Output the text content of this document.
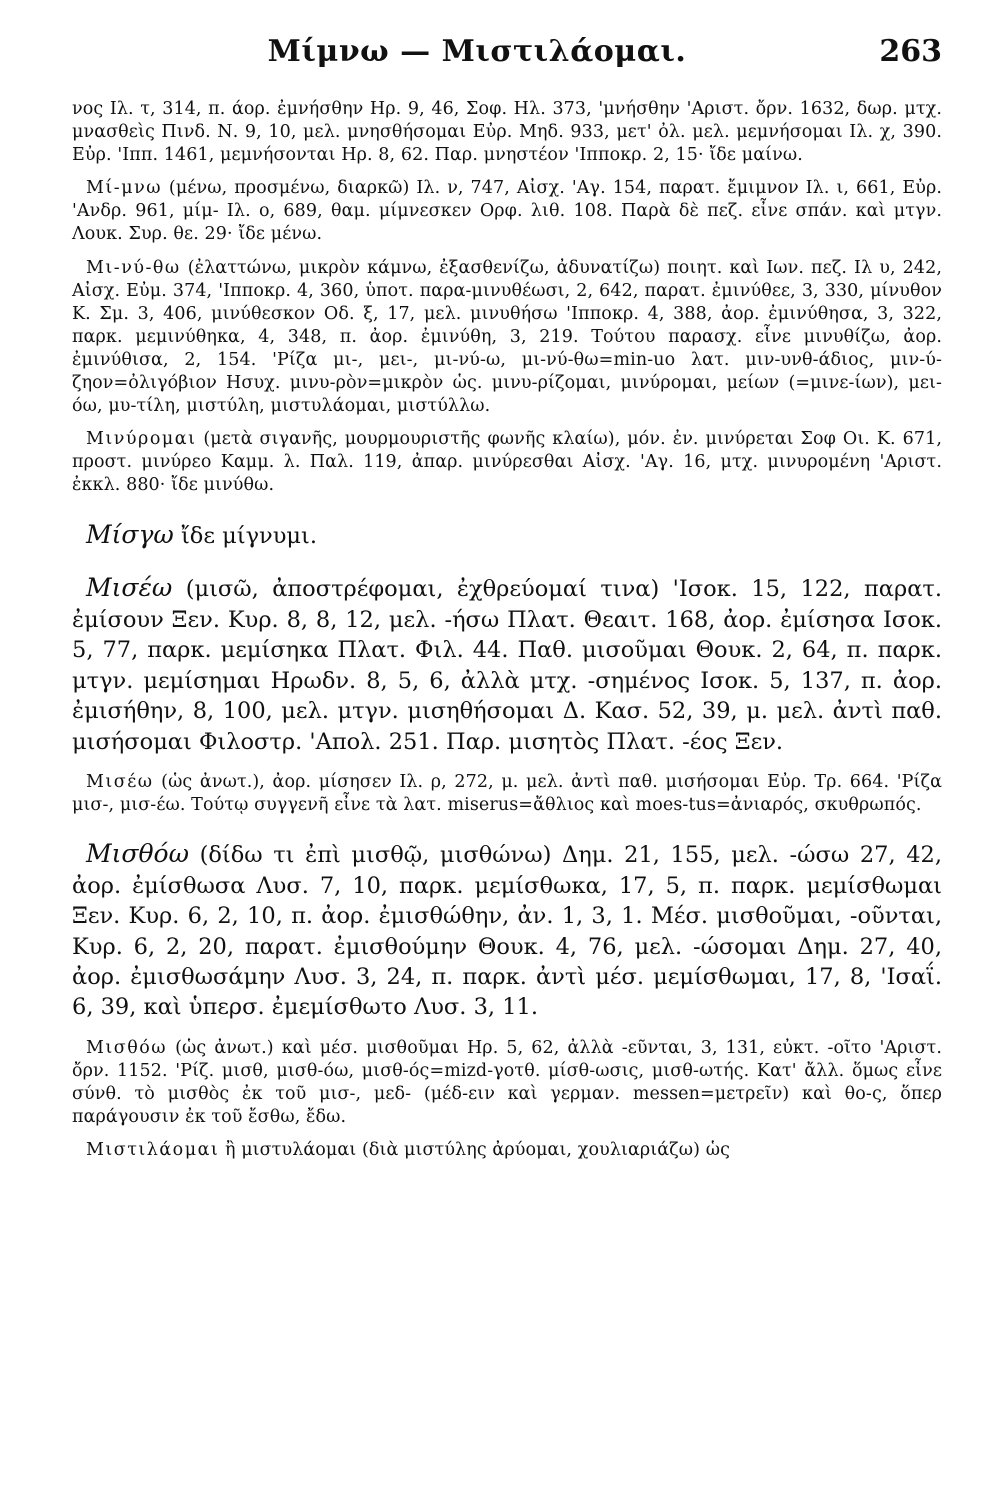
Μίμνω — Μιστιλάομαι.	263

νος Ιλ. τ, 314, π. άορ. ἐμνήσθην Ηρ. 9, 46, Σοφ. Ηλ. 373, 'μνήσθην 'Αριστ. ὄρν. 1632, δωρ. μτχ. μνασθεὶς Πινδ. Ν. 9, 10, μελ. μνησθήσομαι Εὐρ. Μηδ. 933, μετ' ὀλ. μελ. μεμνήσομαι Ιλ. χ, 390. Εὐρ. 'Ιππ. 1461, μεμνήσονται Ηρ. 8, 62. Παρ. μνηστέον 'Ιπποκρ. 2, 15· ἴδε μαίνω.

Μί-μνω (μένω, προσμένω, διαρκῶ) Ιλ. ν, 747, Αἰσχ. 'Αγ. 154, παρατ. ἔμιμνον Ιλ. ι, 661, Εὐρ. 'Ανδρ. 961, μίμ- Ιλ. ο, 689, θαμ. μίμνεσκεν Ορφ. λιθ. 108. Παρὰ δὲ πεζ. εἶνε σπάν. καὶ μτγν. Λουκ. Συρ. θε. 29· ἴδε μένω.

Μι-νύ-θω (ἐλαττώνω, μικρὸν κάμνω, ἐξασθενίζω, ἀδυνατίζω) ποιητ. καὶ Ιων. πεζ. Ιλ υ, 242, Αἰσχ. Εὐμ. 374, 'Ιπποκρ. 4, 360, ὑποτ. παρα-μινυθέωσι, 2, 642, παρατ. ἐμινύθεε, 3, 330, μίνυθον Κ. Σμ. 3, 406, μινύθεσκον Οδ. ξ, 17, μελ. μινυθήσω 'Ιπποκρ. 4, 388, ἀορ. ἐμινύθησα, 3, 322, παρκ. μεμινύθηκα, 4, 348, π. ἀορ. ἐμινύθη, 3, 219. Τούτου παρασχ. εἶνε μινυθίζω, ἀορ. ἐμινύθισα, 2, 154. 'Ρίζα μι-, μει-, μι-νύ-ω, μι-νύ-θω=min-uo λατ. μιν-υνθ-άδιος, μιν-ύ-ζηον=ὀλιγόβιον Ησυχ. μινυ-ρὸν=μικρὸν ὡς. μινυ-ρίζομαι, μινύρομαι, μείων (=μινε-ίων), μει-όω, μυ-τίλη, μιστύλη, μιστυλάομαι, μιστύλλω.

Μινύρομαι (μετὰ σιγανῆς, μουρμουριστῆς φωνῆς κλαίω), μόν. ἐν. μινύρεται Σοφ Οι. Κ. 671, προστ. μινύρεο Καμμ. λ. Παλ. 119, ἀπαρ. μινύρεσθαι Αἰσχ. 'Αγ. 16, μτχ. μινυρομένη 'Αριστ. ἐκκλ. 880· ἴδε μινύθω.

Μίσγω ἴδε μίγνυμι.

Μισέω (μισῶ, ἀποστρέφομαι, ἐχθρεύομαί τινα) 'Ισοκ. 15, 122, παρατ. ἐμίσουν Ξεν. Κυρ. 8, 8, 12, μελ. -ήσω Πλατ. Θεαιτ. 168, ἀορ. ἐμίσησα Ισοκ. 5, 77, παρκ. μεμίσηκα Πλατ. Φιλ. 44. Παθ. μισοῦμαι Θουκ. 2, 64, π. παρκ. μτγν. μεμίσημαι Ηρωδν. 8, 5, 6, ἀλλὰ μτχ. -σημένος Ισοκ. 5, 137, π. ἀορ. ἐμισήθην, 8, 100, μελ. μτγν. μισηθήσομαι Δ. Κασ. 52, 39, μ. μελ. ἀντὶ παθ. μισήσομαι Φιλοστρ. 'Απολ. 251. Παρ. μισητὸς Πλατ. -έος Ξεν.

Μισέω (ὡς ἀνωτ.), ἀορ. μίσησεν Ιλ. ρ, 272, μ. μελ. ἀντὶ παθ. μισήσομαι Εὐρ. Τρ. 664. 'Ρίζα μισ-, μισ-έω. Τούτῳ συγγενῆ εἶνε τὰ λατ. miserus=ἄθλιος καὶ moes-tus=ἀνιαρός, σκυθρωπός.

Μισθόω (δίδω τι ἐπὶ μισθῷ, μισθώνω) Δημ. 21, 155, μελ. -ώσω 27, 42, ἀορ. ἐμίσθωσα Λυσ. 7, 10, παρκ. μεμίσθωκα, 17, 5, π. παρκ. μεμίσθωμαι Ξεν. Κυρ. 6, 2, 10, π. ἀορ. ἐμισθώθην, ἀν. 1, 3, 1. Μέσ. μισθοῦμαι, -οῦνται, Κυρ. 6, 2, 20, παρατ. ἐμισθούμην Θουκ. 4, 76, μελ. -ώσομαι Δημ. 27, 40, ἀορ. ἐμισθωσάμην Λυσ. 3, 24, π. παρκ. ἀντὶ μέσ. μεμίσθωμαι, 17, 8, 'Ισαΐ. 6, 39, καὶ ὑπερσ. ἐμεμίσθωτο Λυσ. 3, 11.

Μισθόω (ὡς ἀνωτ.) καὶ μέσ. μισθοῦμαι Ηρ. 5, 62, ἀλλὰ -εῦνται, 3, 131, εὐκτ. -οῖτο 'Αριστ. ὄρν. 1152. 'Ρίζ. μισθ, μισθ-όω, μισθ-ός=mizd-γοτθ. μίσθ-ωσις, μισθ-ωτής. Κατ' ἄλλ. ὅμως εἶνε σύνθ. τὸ μισθὸς ἐκ τοῦ μισ-, μεδ- (μέδ-ειν καὶ γερμαν. messen=μετρεῖν) καὶ θο-ς, ὅπερ παράγουσιν ἐκ τοῦ ἔσθω, ἔδω.

Μιστιλάομαι ἢ μιστυλάομαι (διὰ μιστύλης ἀρύομαι, χουλιαριάζω) ὡς
